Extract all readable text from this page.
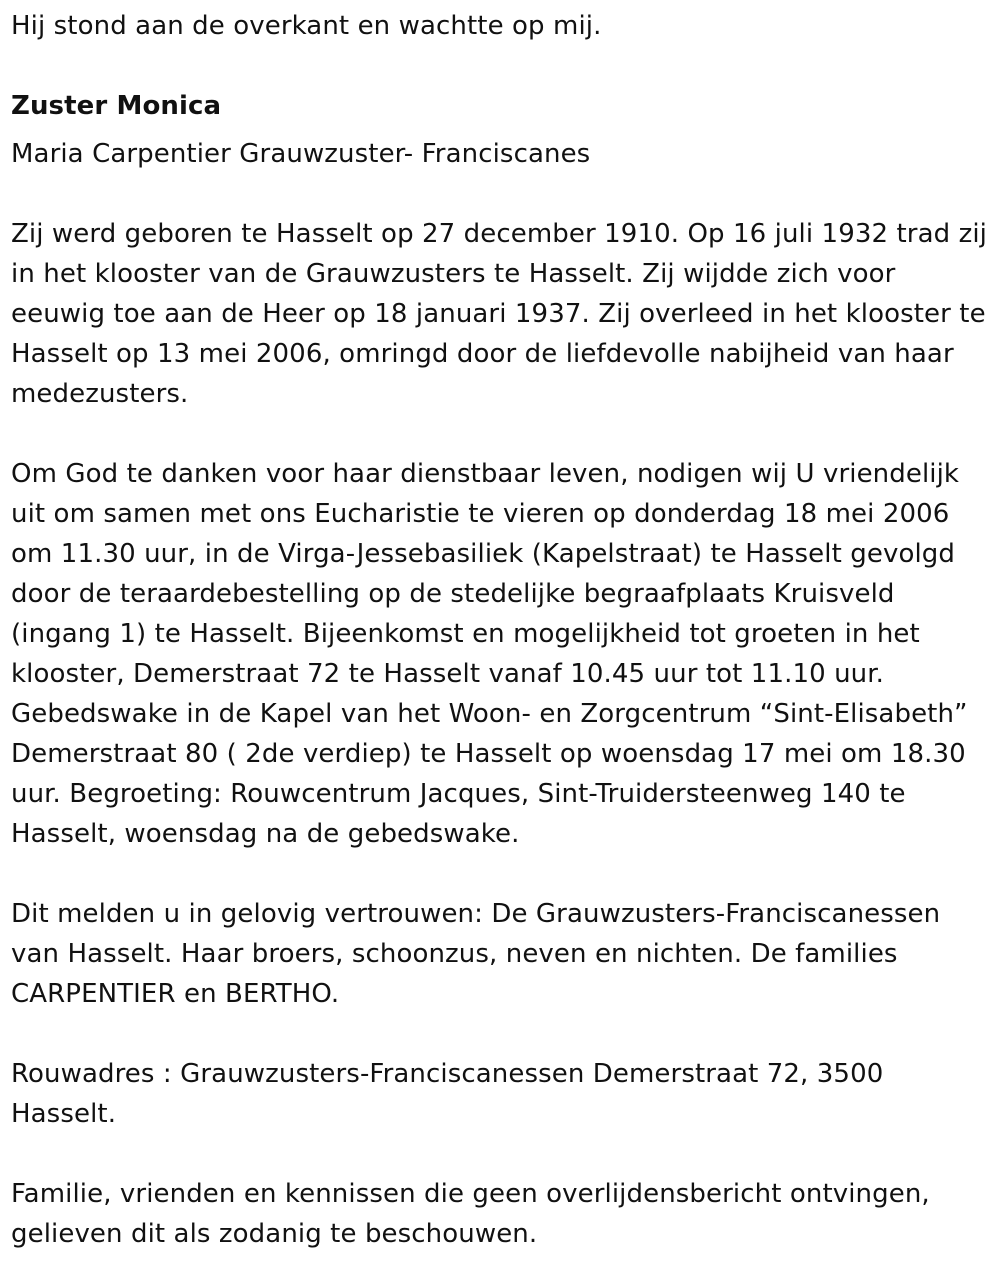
Hij stond aan de overkant en wachtte op mij.

Zuster Monica

Maria Carpentier Grauwzuster- Franciscanes

Zij werd geboren te Hasselt op 27 december 1910. Op 16 juli 1932 trad zij in het klooster van de Grauwzusters te Hasselt. Zij wijdde zich voor eeuwig toe aan de Heer op 18 januari 1937. Zij overleed in het klooster te Hasselt op 13 mei 2006, omringd door de liefdevolle nabijheid van haar medezusters.

Om God te danken voor haar dienstbaar leven, nodigen wij U vriendelijk uit om samen met ons Eucharistie te vieren op donderdag 18 mei 2006 om 11.30 uur, in de Virga-Jessebasiliek (Kapelstraat) te Hasselt gevolgd door de teraardebestelling op de stedelijke begraafplaats Kruisveld (ingang 1) te Hasselt. Bijeenkomst en mogelijkheid tot groeten in het klooster, Demerstraat 72 te Hasselt vanaf 10.45 uur tot 11.10 uur. Gebedswake in de Kapel van het Woon- en Zorgcentrum “Sint-Elisabeth” Demerstraat 80 ( 2de verdiep) te Hasselt op woensdag 17 mei om 18.30 uur. Begroeting: Rouwcentrum Jacques, Sint-Truidersteenweg 140 te Hasselt, woensdag na de gebedswake.

Dit melden u in gelovig vertrouwen: De Grauwzusters-Franciscanessen van Hasselt. Haar broers, schoonzus, neven en nichten. De families CARPENTIER en BERTHO.

Rouwadres : Grauwzusters-Franciscanessen Demerstraat 72, 3500 Hasselt.

Familie, vrienden en kennissen die geen overlijdensbericht ontvingen, gelieven dit als zodanig te beschouwen.
